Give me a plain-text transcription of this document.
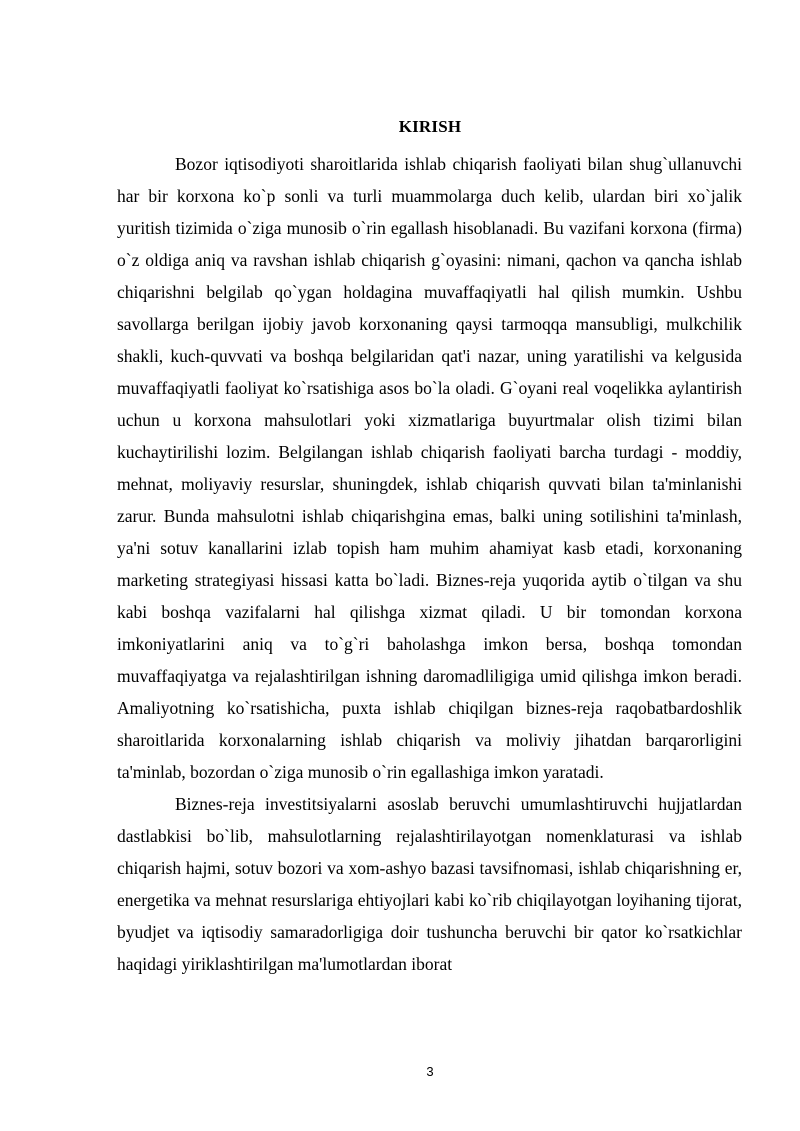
KIRISH

Bozor iqtisodiyoti sharoitlarida ishlab chiqarish faoliyati bilan shug`ullanuvchi har bir korxona ko`p sonli va turli muammolarga duch kelib, ulardan biri xo`jalik yuritish tizimida o`ziga munosib o`rin egallash hisoblanadi. Bu vazifani korxona (firma) o`z oldiga aniq va ravshan ishlab chiqarish g`oyasini: nimani, qachon va qancha ishlab chiqarishni belgilab qo`ygan holdagina muvaffaqiyatli hal qilish mumkin. Ushbu savollarga berilgan ijobiy javob korxonaning qaysi tarmoqqa mansubligi, mulkchilik shakli, kuch-quvvati va boshqa belgilaridan qat'i nazar, uning yaratilishi va kelgusida muvaffaqiyatli faoliyat ko`rsatishiga asos bo`la oladi. G`oyani real voqelikka aylantirish uchun u korxona mahsulotlari yoki xizmatlariga buyurtmalar olish tizimi bilan kuchaytirilishi lozim. Belgilangan ishlab chiqarish faoliyati barcha turdagi - moddiy, mehnat, moliyaviy resurslar, shuningdek, ishlab chiqarish quvvati bilan ta'minlanishi zarur. Bunda mahsulotni ishlab chiqarishgina emas, balki uning sotilishini ta'minlash, ya'ni sotuv kanallarini izlab topish ham muhim ahamiyat kasb etadi, korxonaning marketing strategiyasi hissasi katta bo`ladi. Biznes-reja yuqorida aytib o`tilgan va shu kabi boshqa vazifalarni hal qilishga xizmat qiladi. U bir tomondan korxona imkoniyatlarini aniq va to`g`ri baholashga imkon bersa, boshqa tomondan muvaffaqiyatga va rejalashtirilgan ishning daromadliligiga umid qilishga imkon beradi. Amaliyotning ko`rsatishicha, puxta ishlab chiqilgan biznes-reja raqobatbardoshlik sharoitlarida korxonalarning ishlab chiqarish va moliviy jihatdan barqarorligini ta'minlab, bozordan o`ziga munosib o`rin egallashiga imkon yaratadi.

Biznes-reja investitsiyalarni asoslab beruvchi umumlashtiruvchi hujjatlardan dastlabkisi bo`lib, mahsulotlarning rejalashtirilayotgan nomenklaturasi va ishlab chiqarish hajmi, sotuv bozori va xom-ashyo bazasi tavsifnomasi, ishlab chiqarishning er, energetika va mehnat resurslariga ehtiyojlari kabi ko`rib chiqilayotgan loyihaning tijorat, byudjet va iqtisodiy samaradorligiga doir tushuncha beruvchi bir qator ko`rsatkichlar haqidagi yiriklashtirilgan ma'lumotlardan iborat

3
